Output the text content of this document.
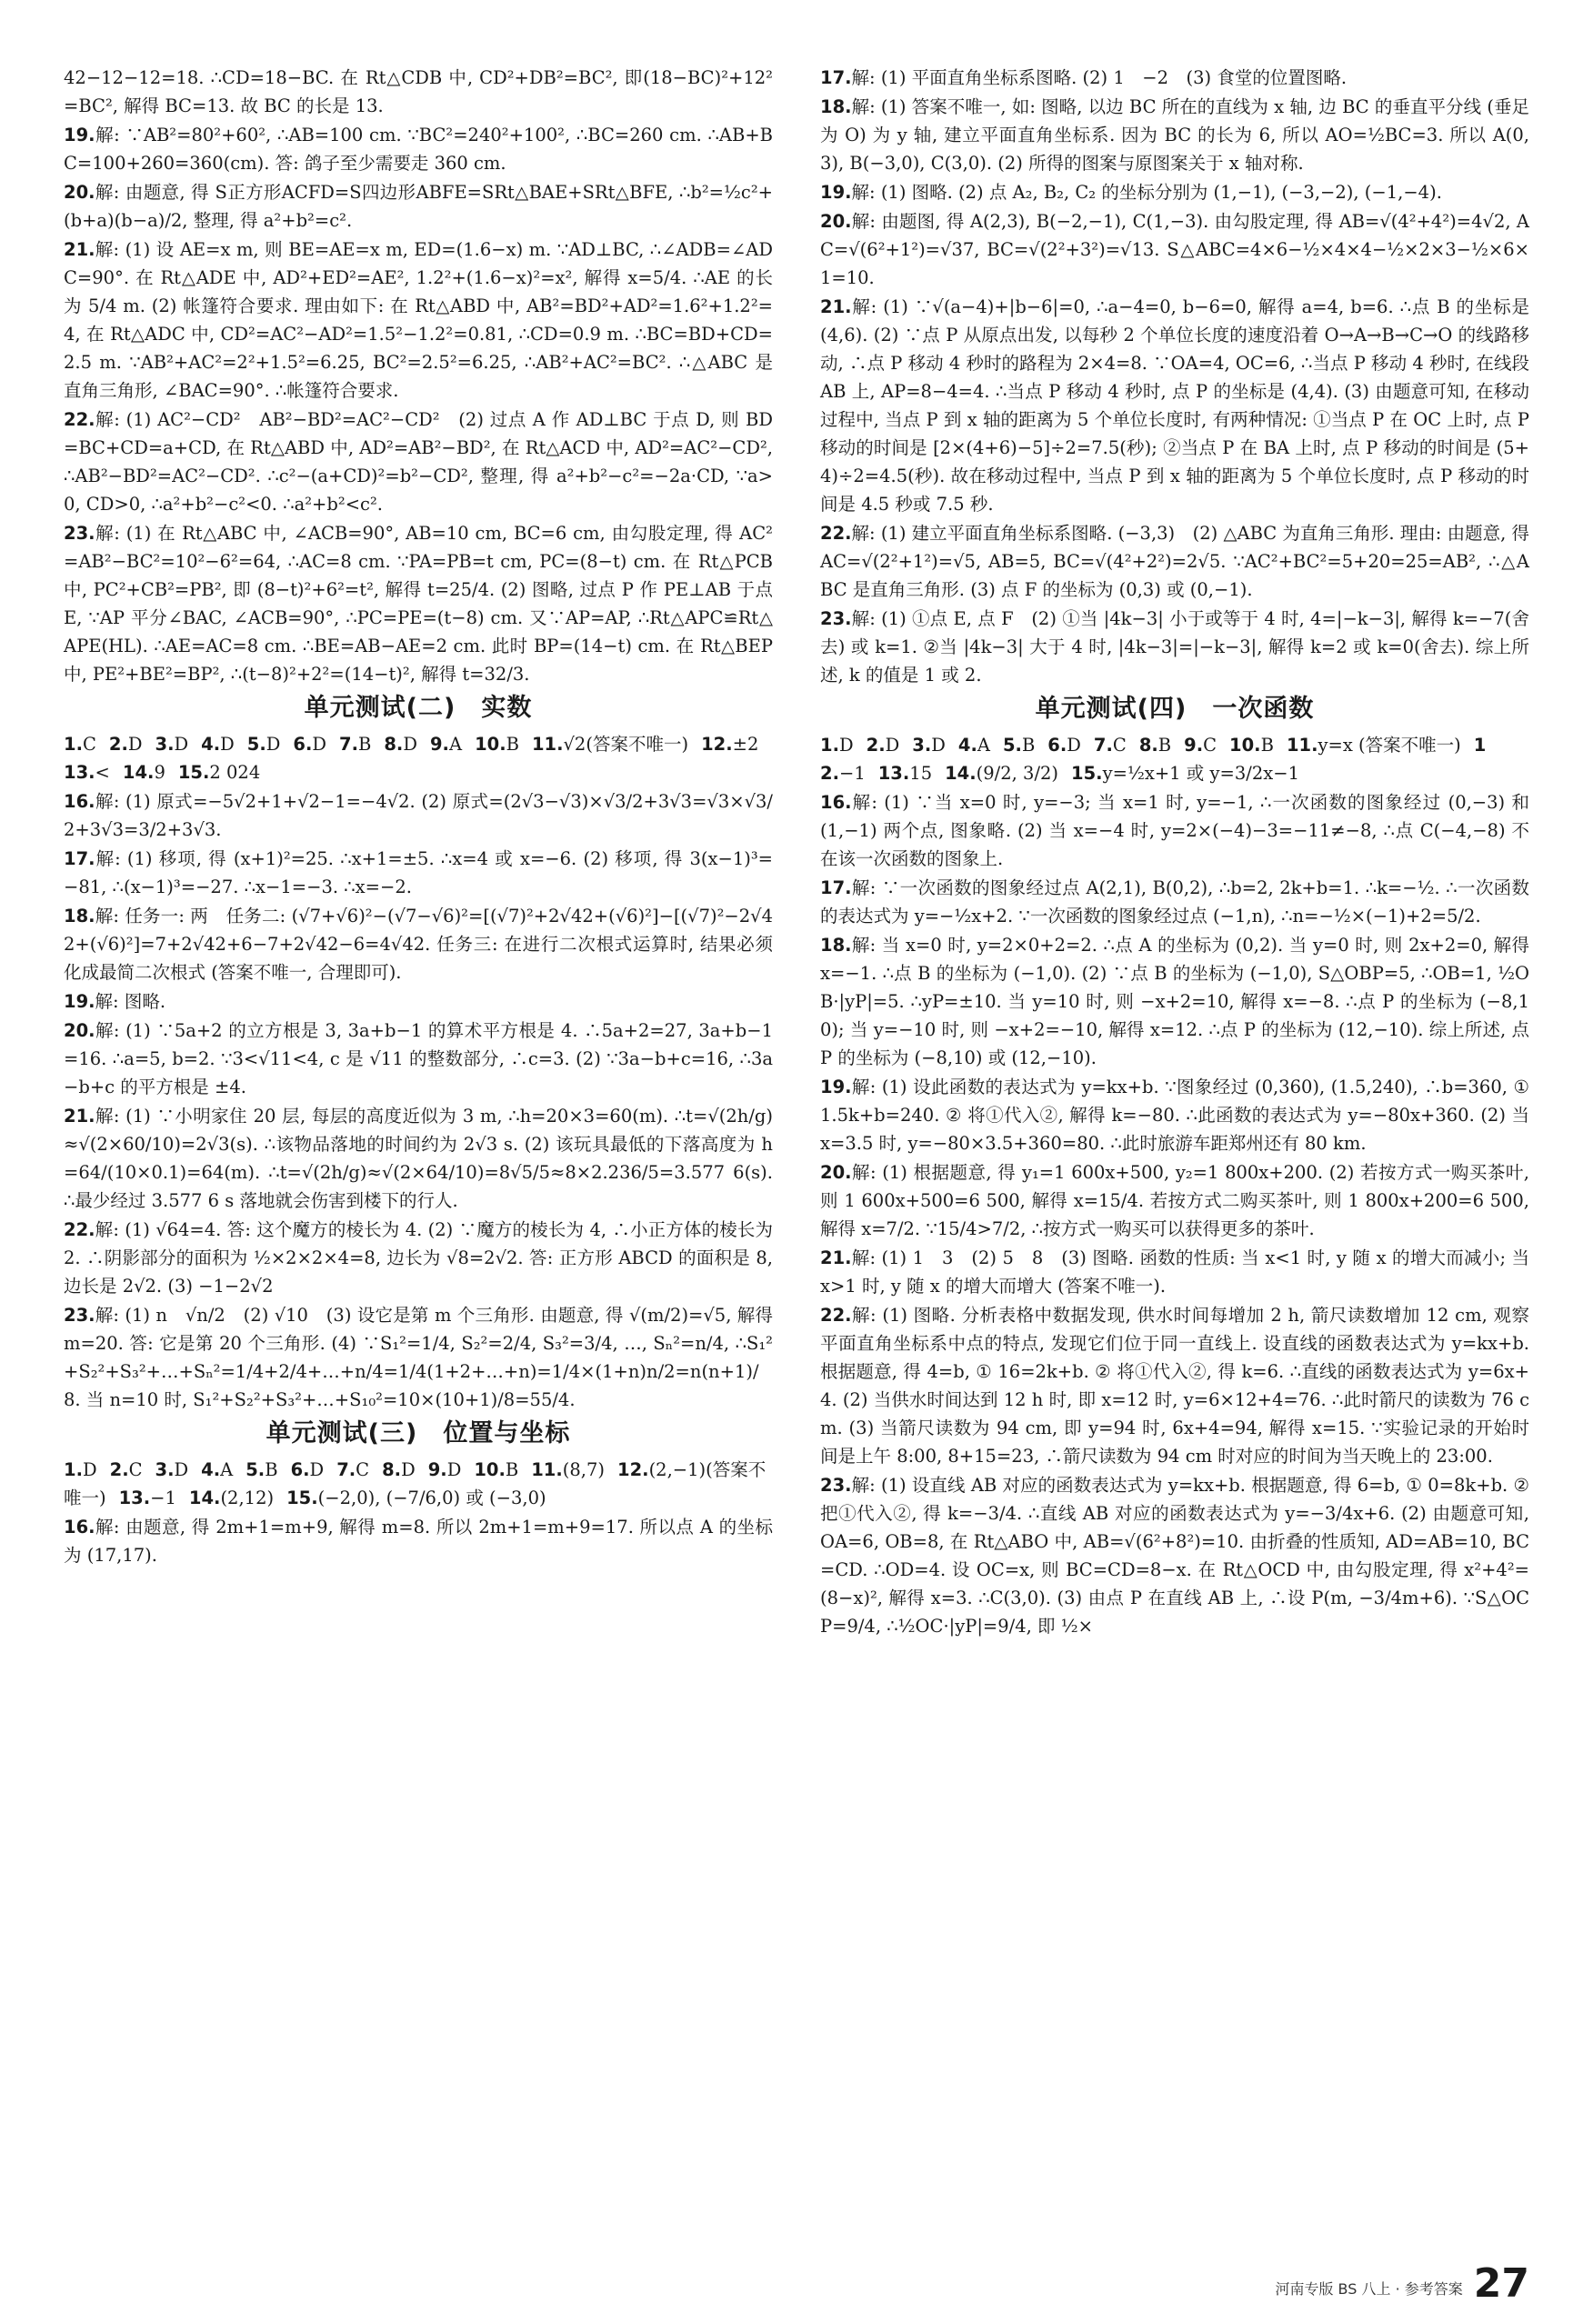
42−12−12=18. ∴CD=18−BC. 在 Rt△CDB 中, CD²+DB²=BC², 即(18−BC)²+12²=BC², 解得 BC=13. 故 BC 的长是 13.
19.解: ∵AB²=80²+60², ∴AB=100 cm. ∵BC²=240²+100², ∴BC=260 cm. ∴AB+BC=100+260=360(cm). 答: 鸽子至少需要走 360 cm.
20.解: 由题意, 得 S正方形ACFD=S四边形ABFE=SRt△BAE+SRt△BFE, ∴b²=½c²+(b+a)(b−a)/2, 整理, 得 a²+b²=c².
21.解: (1) 设 AE=x m, 则 BE=AE=x m, ED=(1.6−x) m. ∵AD⊥BC, ∴∠ADB=∠ADC=90°. 在 Rt△ADE 中, AD²+ED²=AE², 1.2²+(1.6−x)²=x², 解得 x=5/4. ∴AE 的长为 5/4 m. (2) 帐篷符合要求. 理由如下: 在 Rt△ABD 中, AB²=BD²+AD²=1.6²+1.2²=4, 在 Rt△ADC 中, CD²=AC²−AD²=1.5²−1.2²=0.81, ∴CD=0.9 m. ∴BC=BD+CD=2.5 m. ∵AB²+AC²=2²+1.5²=6.25, BC²=2.5²=6.25, ∴AB²+AC²=BC². ∴△ABC 是直角三角形, ∠BAC=90°. ∴帐篷符合要求.
22.解: (1) AC²−CD²　AB²−BD²=AC²−CD²　(2) 过点 A 作 AD⊥BC 于点 D, 则 BD=BC+CD=a+CD, 在 Rt△ABD 中, AD²=AB²−BD², 在 Rt△ACD 中, AD²=AC²−CD², ∴AB²−BD²=AC²−CD². ∴c²−(a+CD)²=b²−CD², 整理, 得 a²+b²−c²=−2a·CD, ∵a>0, CD>0, ∴a²+b²−c²<0. ∴a²+b²<c².
23.解: (1) 在 Rt△ABC 中, ∠ACB=90°, AB=10 cm, BC=6 cm, 由勾股定理, 得 AC²=AB²−BC²=10²−6²=64, ∴AC=8 cm. ∵PA=PB=t cm, PC=(8−t) cm. 在 Rt△PCB 中, PC²+CB²=PB², 即 (8−t)²+6²=t², 解得 t=25/4. (2) 图略, 过点 P 作 PE⊥AB 于点 E, ∵AP 平分∠BAC, ∠ACB=90°, ∴PC=PE=(t−8) cm. 又∵AP=AP, ∴Rt△APC≌Rt△APE(HL). ∴AE=AC=8 cm. ∴BE=AB−AE=2 cm. 此时 BP=(14−t) cm. 在 Rt△BEP 中, PE²+BE²=BP², ∴(t−8)²+2²=(14−t)², 解得 t=32/3.
单元测试(二)　实数
1.C 2.D 3.D 4.D 5.D 6.D 7.B 8.D 9.A 10.B 11.√2(答案不唯一) 12.±213.< 14.9 15.2 024
16.解: (1) 原式=−5√2+1+√2−1=−4√2. (2) 原式=(2√3−√3)×√3/2+3√3=√3×√3/2+3√3=3/2+3√3.
17.解: (1) 移项, 得 (x+1)²=25. ∴x+1=±5. ∴x=4 或 x=−6. (2) 移项, 得 3(x−1)³=−81, ∴(x−1)³=−27. ∴x−1=−3. ∴x=−2.
18.解: 任务一: 两　任务二: (√7+√6)²−(√7−√6)²=[(√7)²+2√42+(√6)²]−[(√7)²−2√42+(√6)²]=7+2√42+6−7+2√42−6=4√42. 任务三: 在进行二次根式运算时, 结果必须化成最简二次根式 (答案不唯一, 合理即可).
19.解: 图略.
20.解: (1) ∵5a+2 的立方根是 3, 3a+b−1 的算术平方根是 4. ∴5a+2=27, 3a+b−1=16. ∴a=5, b=2. ∵3<√11<4, c 是 √11 的整数部分, ∴c=3. (2) ∵3a−b+c=16, ∴3a−b+c 的平方根是 ±4.
21.解: (1) ∵小明家住 20 层, 每层的高度近似为 3 m, ∴h=20×3=60(m). ∴t=√(2h/g)≈√(2×60/10)=2√3(s). ∴该物品落地的时间约为 2√3 s. (2) 该玩具最低的下落高度为 h=64/(10×0.1)=64(m). ∴t=√(2h/g)≈√(2×64/10)=8√5/5≈8×2.236/5=3.577 6(s). ∴最少经过 3.577 6 s 落地就会伤害到楼下的行人.
22.解: (1) √64=4. 答: 这个魔方的棱长为 4. (2) ∵魔方的棱长为 4, ∴小正方体的棱长为 2. ∴阴影部分的面积为 ½×2×2×4=8, 边长为 √8=2√2. 答: 正方形 ABCD 的面积是 8, 边长是 2√2. (3) −1−2√2
23.解: (1) n　√n/2　(2) √10　(3) 设它是第 m 个三角形. 由题意, 得 √(m/2)=√5, 解得 m=20. 答: 它是第 20 个三角形. (4) ∵S₁²=1/4, S₂²=2/4, S₃²=3/4, …, Sₙ²=n/4, ∴S₁²+S₂²+S₃²+…+Sₙ²=1/4+2/4+…+n/4=1/4(1+2+…+n)=1/4×(1+n)n/2=n(n+1)/8. 当 n=10 时, S₁²+S₂²+S₃²+…+S₁₀²=10×(10+1)/8=55/4.
单元测试(三)　位置与坐标
1.D 2.C 3.D 4.A 5.B 6.D 7.C 8.D 9.D 10.B 11.(8,7) 12.(2,−1)(答案不唯一) 13.−1 14.(2,12) 15.(−2,0), (−7/6,0) 或 (−3,0)
16.解: 由题意, 得 2m+1=m+9, 解得 m=8. 所以 2m+1=m+9=17. 所以点 A 的坐标为 (17,17).
17.解: (1) 平面直角坐标系图略. (2) 1　−2　(3) 食堂的位置图略.
18.解: (1) 答案不唯一, 如: 图略, 以边 BC 所在的直线为 x 轴, 边 BC 的垂直平分线 (垂足为 O) 为 y 轴, 建立平面直角坐标系. 因为 BC 的长为 6, 所以 AO=½BC=3. 所以 A(0,3), B(−3,0), C(3,0). (2) 所得的图案与原图案关于 x 轴对称.
19.解: (1) 图略. (2) 点 A₂, B₂, C₂ 的坐标分别为 (1,−1), (−3,−2), (−1,−4).
20.解: 由题图, 得 A(2,3), B(−2,−1), C(1,−3). 由勾股定理, 得 AB=√(4²+4²)=4√2, AC=√(6²+1²)=√37, BC=√(2²+3²)=√13. S△ABC=4×6−½×4×4−½×2×3−½×6×1=10.
21.解: (1) ∵√(a−4)+|b−6|=0, ∴a−4=0, b−6=0, 解得 a=4, b=6. ∴点 B 的坐标是 (4,6). (2) ∵点 P 从原点出发, 以每秒 2 个单位长度的速度沿着 O→A→B→C→O 的线路移动, ∴点 P 移动 4 秒时的路程为 2×4=8. ∵OA=4, OC=6, ∴当点 P 移动 4 秒时, 在线段 AB 上, AP=8−4=4. ∴当点 P 移动 4 秒时, 点 P 的坐标是 (4,4). (3) 由题意可知, 在移动过程中, 当点 P 到 x 轴的距离为 5 个单位长度时, 有两种情况: ①当点 P 在 OC 上时, 点 P 移动的时间是 [2×(4+6)−5]÷2=7.5(秒); ②当点 P 在 BA 上时, 点 P 移动的时间是 (5+4)÷2=4.5(秒). 故在移动过程中, 当点 P 到 x 轴的距离为 5 个单位长度时, 点 P 移动的时间是 4.5 秒或 7.5 秒.
22.解: (1) 建立平面直角坐标系图略. (−3,3)　(2) △ABC 为直角三角形. 理由: 由题意, 得 AC=√(2²+1²)=√5, AB=5, BC=√(4²+2²)=2√5. ∵AC²+BC²=5+20=25=AB², ∴△ABC 是直角三角形. (3) 点 F 的坐标为 (0,3) 或 (0,−1).
23.解: (1) ①点 E, 点 F　(2) ①当 |4k−3| 小于或等于 4 时, 4=|−k−3|, 解得 k=−7(舍去) 或 k=1. ②当 |4k−3| 大于 4 时, |4k−3|=|−k−3|, 解得 k=2 或 k=0(舍去). 综上所述, k 的值是 1 或 2.
单元测试(四)　一次函数
1.D 2.D 3.D 4.A 5.B 6.D 7.C 8.B 9.C 10.B 11.y=x (答案不唯一) 12.−1 13.15 14.(9/2, 3/2) 15.y=½x+1 或 y=3/2x−1
16.解: (1) ∵当 x=0 时, y=−3; 当 x=1 时, y=−1, ∴一次函数的图象经过 (0,−3) 和 (1,−1) 两个点, 图象略. (2) 当 x=−4 时, y=2×(−4)−3=−11≠−8, ∴点 C(−4,−8) 不在该一次函数的图象上.
17.解: ∵一次函数的图象经过点 A(2,1), B(0,2), ∴b=2, 2k+b=1. ∴k=−½. ∴一次函数的表达式为 y=−½x+2. ∵一次函数的图象经过点 (−1,n), ∴n=−½×(−1)+2=5/2.
18.解: 当 x=0 时, y=2×0+2=2. ∴点 A 的坐标为 (0,2). 当 y=0 时, 则 2x+2=0, 解得 x=−1. ∴点 B 的坐标为 (−1,0). (2) ∵点 B 的坐标为 (−1,0), S△OBP=5, ∴OB=1, ½OB·|yP|=5. ∴yP=±10. 当 y=10 时, 则 −x+2=10, 解得 x=−8. ∴点 P 的坐标为 (−8,10); 当 y=−10 时, 则 −x+2=−10, 解得 x=12. ∴点 P 的坐标为 (12,−10). 综上所述, 点 P 的坐标为 (−8,10) 或 (12,−10).
19.解: (1) 设此函数的表达式为 y=kx+b. ∵图象经过 (0,360), (1.5,240), ∴b=360, ① 1.5k+b=240. ② 将①代入②, 解得 k=−80. ∴此函数的表达式为 y=−80x+360. (2) 当 x=3.5 时, y=−80×3.5+360=80. ∴此时旅游车距郑州还有 80 km.
20.解: (1) 根据题意, 得 y₁=1 600x+500, y₂=1 800x+200. (2) 若按方式一购买茶叶, 则 1 600x+500=6 500, 解得 x=15/4. 若按方式二购买茶叶, 则 1 800x+200=6 500, 解得 x=7/2. ∵15/4>7/2, ∴按方式一购买可以获得更多的茶叶.
21.解: (1) 1　3　(2) 5　8　(3) 图略. 函数的性质: 当 x<1 时, y 随 x 的增大而减小; 当 x>1 时, y 随 x 的增大而增大 (答案不唯一).
22.解: (1) 图略. 分析表格中数据发现, 供水时间每增加 2 h, 箭尺读数增加 12 cm, 观察平面直角坐标系中点的特点, 发现它们位于同一直线上. 设直线的函数表达式为 y=kx+b. 根据题意, 得 4=b, ① 16=2k+b. ② 将①代入②, 得 k=6. ∴直线的函数表达式为 y=6x+4. (2) 当供水时间达到 12 h 时, 即 x=12 时, y=6×12+4=76. ∴此时箭尺的读数为 76 cm. (3) 当箭尺读数为 94 cm, 即 y=94 时, 6x+4=94, 解得 x=15. ∵实验记录的开始时间是上午 8:00, 8+15=23, ∴箭尺读数为 94 cm 时对应的时间为当天晚上的 23:00.
23.解: (1) 设直线 AB 对应的函数表达式为 y=kx+b. 根据题意, 得 6=b, ① 0=8k+b. ② 把①代入②, 得 k=−3/4. ∴直线 AB 对应的函数表达式为 y=−3/4x+6. (2) 由题意可知, OA=6, OB=8, 在 Rt△ABO 中, AB=√(6²+8²)=10. 由折叠的性质知, AD=AB=10, BC=CD. ∴OD=4. 设 OC=x, 则 BC=CD=8−x. 在 Rt△OCD 中, 由勾股定理, 得 x²+4²=(8−x)², 解得 x=3. ∴C(3,0). (3) 由点 P 在直线 AB 上, ∴设 P(m, −3/4m+6). ∵S△OCP=9/4, ∴½OC·|yP|=9/4, 即 ½×
河南专版 BS 八上 · 参考答案 27
